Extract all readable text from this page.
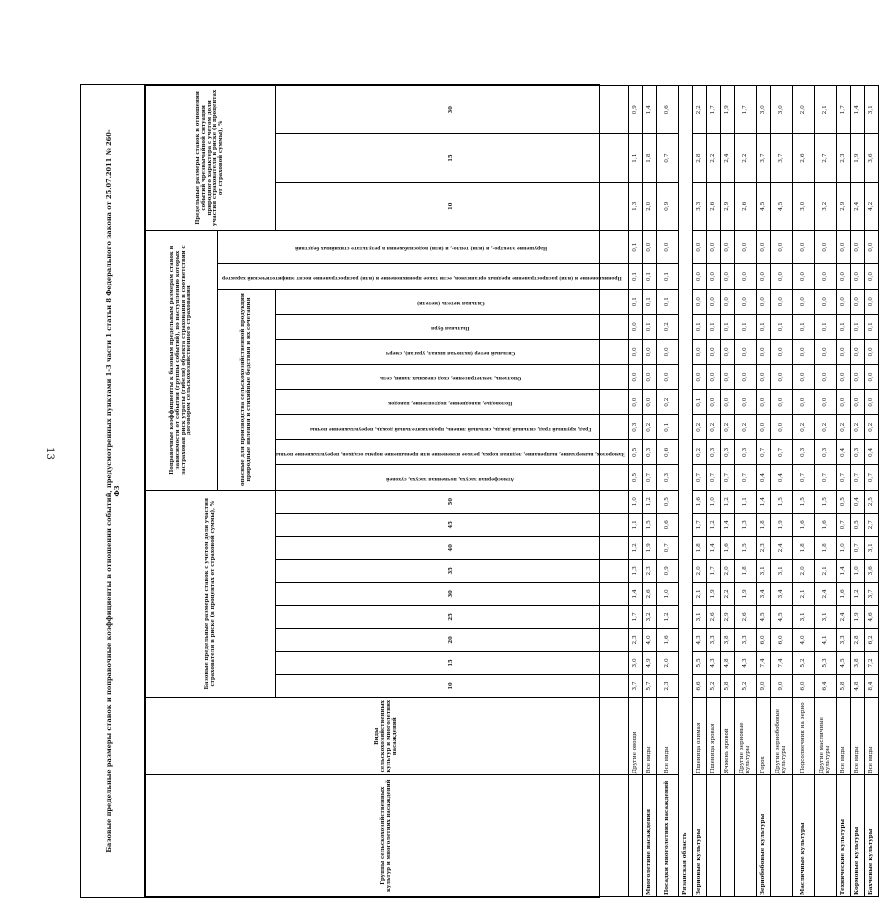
13	Базовые предельные размеры ставок и поправочные коэффициенты в отношении событий, предусмотренных пунктами 1-3 части 1 статьи 8 Федерального закона от 25.07.2011 № 260-ФЗ
Группы сельскохозяйственных культур и многолетних насаждений	Виды сельскохозяйственных культур и многолетних насаждений	Базовые предельные размеры ставок с учетом доли участия страхователя в риске (в процентах от страховой суммы), %									Поправочные коэффициенты к базовым предельным размерам ставок в зависимости от события (группы событий), по наступлению которых застрахован риск утраты (гибели) объекта страхования в соответствии с договором сельскохозяйственного страхования										Предельные размеры ставок в отношении событий чрезвычайной ситуации природного характера с учетом доли участия страхователя в риске (в процентах от страховой суммы), %		
											опасные для производства сельскохозяйственной продукции природные явления и стихийные бедствия и их сочетания								Проникновение и (или) распространение вредных организмов, если такое проникновение и (или) распространение носят эпифитотический характер	Нарушение электро-, и (или) тепло-, и (или) водоснабжения в результате стихийных бедствий			
		10	15	20	25	30	35	40	45	50	Атмосферная засуха, почвенная засуха, суховей	Заморозок, вымерзание, выпревание, ледяная корка, резкое изменение или превышение нормы осадков, переувлажнение почвы	Град, крупный град, сильный дождь, сильный ливень, продолжительный дождь, переувлажнение почвы	Половодье, наводнение, подтопление, паводок	Оползень, землетрясение, сход снежных лавин, сель	Сильный ветер (включая шквал, ураган), смерч	Пыльная буря	Сильная метель (метели)			10	15	30

	Другие овощи	3,7	3,0	2,3	1,7	1,4	1,3	1,2	1,1	1,0	0,5	0,5	0,3	0,0	0,0	0,0	0,0	0,1	0,1	0,1	1,3	1,1	0,9
Многолетние насаждения	Все виды	5,7	4,9	4,0	3,2	2,6	2,3	1,9	1,5	1,2	0,7	0,3	0,2	0,0	0,0	0,0	0,1	0,1	0,1	0,0	2,0	1,8	1,4
Посадки многолетних насаждений	Все виды	2,3	2,0	1,6	1,2	1,0	0,9	0,7	0,6	0,5	0,3	0,6	0,1	0,2	0,0	0,0	0,2	0,1	0,1	0,0	0,9	0,7	0,6
Рязанская область																							
Зерновые культуры	Пшеница озимая	6,6	5,5	4,3	3,1	2,1	2,0	1,8	1,7	1,6	0,7	0,2	0,2	0,1	0,0	0,0	0,1	0,0	0,0	0,0	3,3	2,8	2,2
	Пшеница яровая	5,2	4,3	3,3	2,6	1,9	1,7	1,4	1,2	1,0	0,7	0,3	0,2	0,0	0,0	0,0	0,1	0,0	0,0	0,0	2,6	2,2	1,7
	Ячмень яровой	5,8	4,8	3,8	2,9	2,2	2,0	1,6	1,4	1,2	0,7	0,3	0,2	0,0	0,0	0,0	0,1	0,0	0,0	0,0	2,9	2,4	1,9
	Другие зерновые культуры	5,2	4,3	3,3	2,6	1,9	1,8	1,5	1,3	1,1	0,7	0,3	0,2	0,0	0,0	0,0	0,1	0,0	0,0	0,0	2,6	2,2	1,7
Зернобобовые культуры	Горох	9,0	7,4	6,0	4,5	3,4	3,1	2,3	1,8	1,4	0,4	0,7	0,0	0,0	0,0	0,0	0,1	0,0	0,0	0,0	4,5	3,7	3,0
	Другие зернобобовые культуры	9,0	7,4	6,0	4,5	3,4	3,1	2,4	1,9	1,5	0,4	0,7	0,0	0,0	0,0	0,0	0,1	0,0	0,0	0,0	4,5	3,7	3,0
Масличные культуры	Подсолнечник на зерно	6,0	5,2	4,0	3,1	2,1	2,0	1,8	1,6	1,5	0,7	0,3	0,2	0,0	0,0	0,0	0,1	0,0	0,0	0,0	3,0	2,6	2,0
	Другие масличные культуры	6,4	5,3	4,1	3,1	2,4	2,1	1,8	1,6	1,5	0,7	0,3	0,2	0,0	0,0	0,0	0,1	0,0	0,0	0,0	3,2	2,7	2,1
Технические культуры	Все виды	5,8	4,5	3,3	2,4	1,6	1,4	1,0	0,7	0,5	0,7	0,4	0,2	0,0	0,0	0,0	0,1	0,0	0,0	0,0	2,9	2,3	1,7
Кормовые культуры	Все виды	4,8	3,8	2,8	1,9	1,2	1,0	0,7	0,5	0,4	0,7	0,3	0,2	0,0	0,0	0,0	0,1	0,0	0,0	0,0	2,4	1,9	1,4
Бахчевые культуры	Все виды	8,4	7,2	6,2	4,6	3,7	3,6	3,1	2,7	2,5	0,7	0,4	0,2	0,0	0,0	0,0	0,1	0,0	0,0	0,0	4,2	3,6	3,1
